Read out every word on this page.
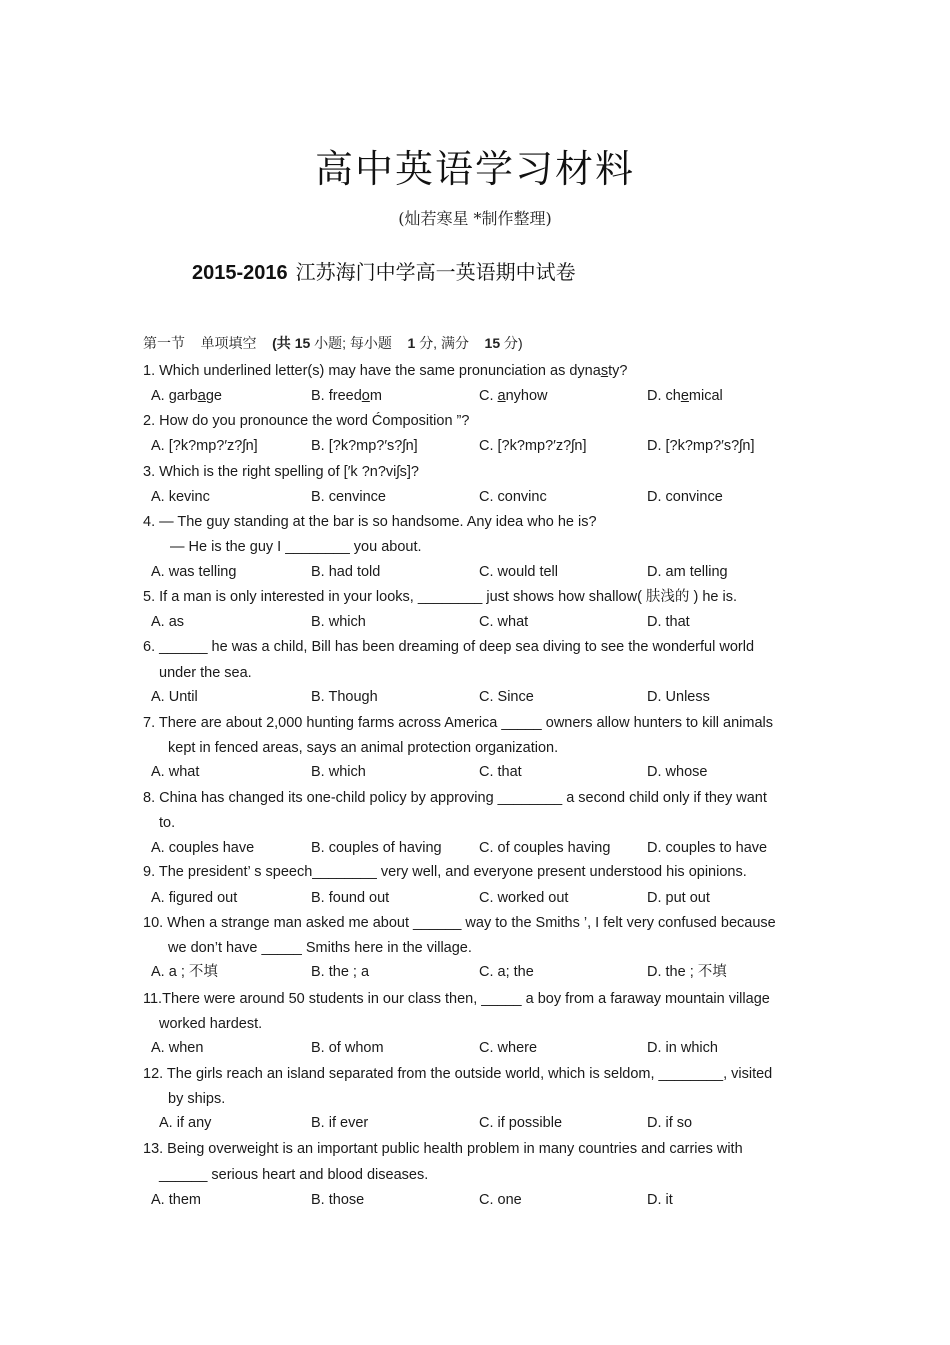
高中英语学习材料
(灿若寒星 *制作整理)
2015-2016 江苏海门中学高一英语期中试卷
第一节 单项填空 (共 15 小题; 每小题 1 分, 满分 15 分)
1. Which underlined letter(s) may have the same pronunciation as dynasty?
A. garbage	B. freedom	C. anyhow	D. chemical
2. How do you pronounce the word Ćomposition ”?
A. [?k?mp?′z?ʃn]	B. [?k?mp?′s?ʃn]	C. [?k?mp?′z?ʃn]	D. [?k?mp?′s?ʃn]
3. Which is the right spelling of [′k ?n?viʃs]?
A. kevinc	B. cenvince	C. convinc	D. convince
4. — The guy standing at the bar is so handsome. Any idea who he is?
— He is the guy I ________ you about.
A. was telling	B. had told	C. would tell	D. am telling
5. If a man is only interested in your looks, ________ just shows how shallow( 肤浅的 ) he is.
A. as	B. which	C. what	D. that
6. ______ he was a child, Bill has been dreaming of deep sea diving to see the wonderful world
under the sea.
A. Until	B. Though	C. Since	D. Unless
7. There are about 2,000 hunting farms across America _____ owners allow hunters to kill animals
kept in fenced areas, says an animal protection organization.
A. what	B. which	C. that	D. whose
8. China has changed its one-child policy by approving ________ a second child only if they want
to.
A. couples have	B. couples of having	C. of couples having	D. couples to have
9. The president’ s speech________ very well, and everyone present understood his opinions.
A. figured out	B. found out	C. worked out	D. put out
10. When a strange man asked me about ______ way to the Smiths ’, I felt very confused because
we don’t have _____ Smiths here in the village.
A. a ; 不填	B. the ; a	C. a; the	D. the ; 不填
11.There were around 50 students in our class then, _____ a boy from a faraway mountain village
worked hardest.
A. when	B. of whom	C. where	D. in which
12. The girls reach an island separated from the outside world, which is seldom, ________, visited
by ships.
A. if any	B. if ever	C. if possible	D. if so
13. Being overweight is an important public health problem in many countries and carries with
______ serious heart and blood diseases.
A. them	B. those	C. one	D. it
